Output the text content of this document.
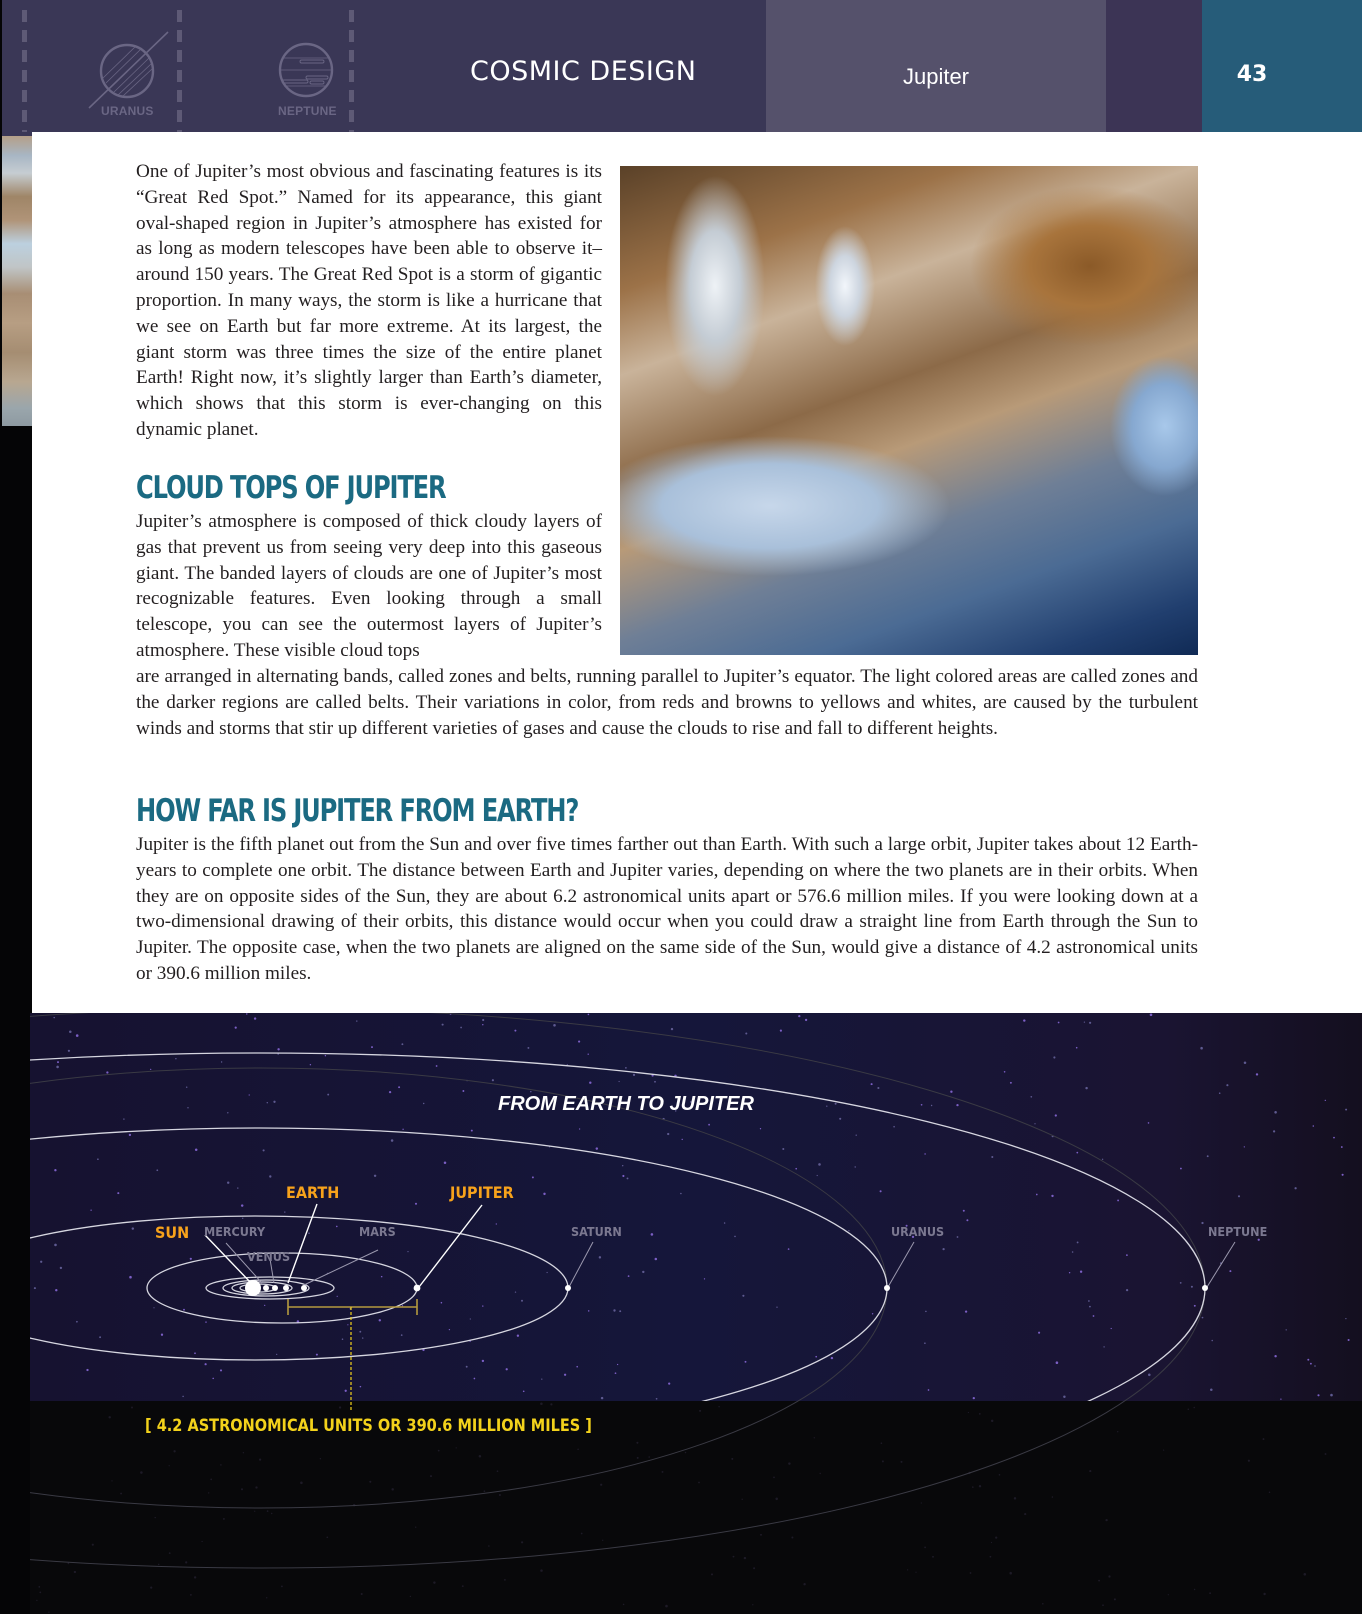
URANUS	NEPTUNE
COSMIC DESIGN	Jupiter	43

One of Jupiter’s most obvious and fascinating features is its “Great Red Spot.” Named for its appearance, this giant oval-shaped region in Jupiter’s atmosphere has existed for as long as modern telescopes have been able to observe it–around 150 years. The Great Red Spot is a storm of gigantic proportion. In many ways, the storm is like a hurricane that we see on Earth but far more extreme. At its largest, the giant storm was three times the size of the entire planet Earth! Right now, it’s slightly larger than Earth’s diameter, which shows that this storm is ever-changing on this dynamic planet.

CLOUD TOPS OF JUPITER

Jupiter’s atmosphere is composed of thick cloudy layers of gas that prevent us from seeing very deep into this gaseous giant. The banded layers of clouds are one of Jupiter’s most recognizable features. Even looking through a small telescope, you can see the outermost layers of Jupiter’s atmosphere. These visible cloud tops

are arranged in alternating bands, called zones and belts, running parallel to Jupiter’s equator. The light colored areas are called zones and the darker regions are called belts. Their variations in color, from reds and browns to yellows and whites, are caused by the turbulent winds and storms that stir up different varieties of gases and cause the clouds to rise and fall to different heights.

HOW FAR IS JUPITER FROM EARTH?

Jupiter is the fifth planet out from the Sun and over five times farther out than Earth. With such a large orbit, Jupiter takes about 12 Earth-years to complete one orbit. The distance between Earth and Jupiter varies, depending on where the two planets are in their orbits. When they are on opposite sides of the Sun, they are about 6.2 astronomical units apart or 576.6 million miles. If you were looking down at a two-dimensional drawing of their orbits, this distance would occur when you could draw a straight line from Earth through the Sun to Jupiter. The opposite case, when the two planets are aligned on the same side of the Sun, would give a distance of 4.2 astronomical units or 390.6 million miles.

FROM EARTH TO JUPITER
SUN
EARTH	JUPITER
MERCURY
VENUS
MARS	SATURN	URANUS	NEPTUNE
[ 4.2 ASTRONOMICAL UNITS OR 390.6 MILLION MILES ]
